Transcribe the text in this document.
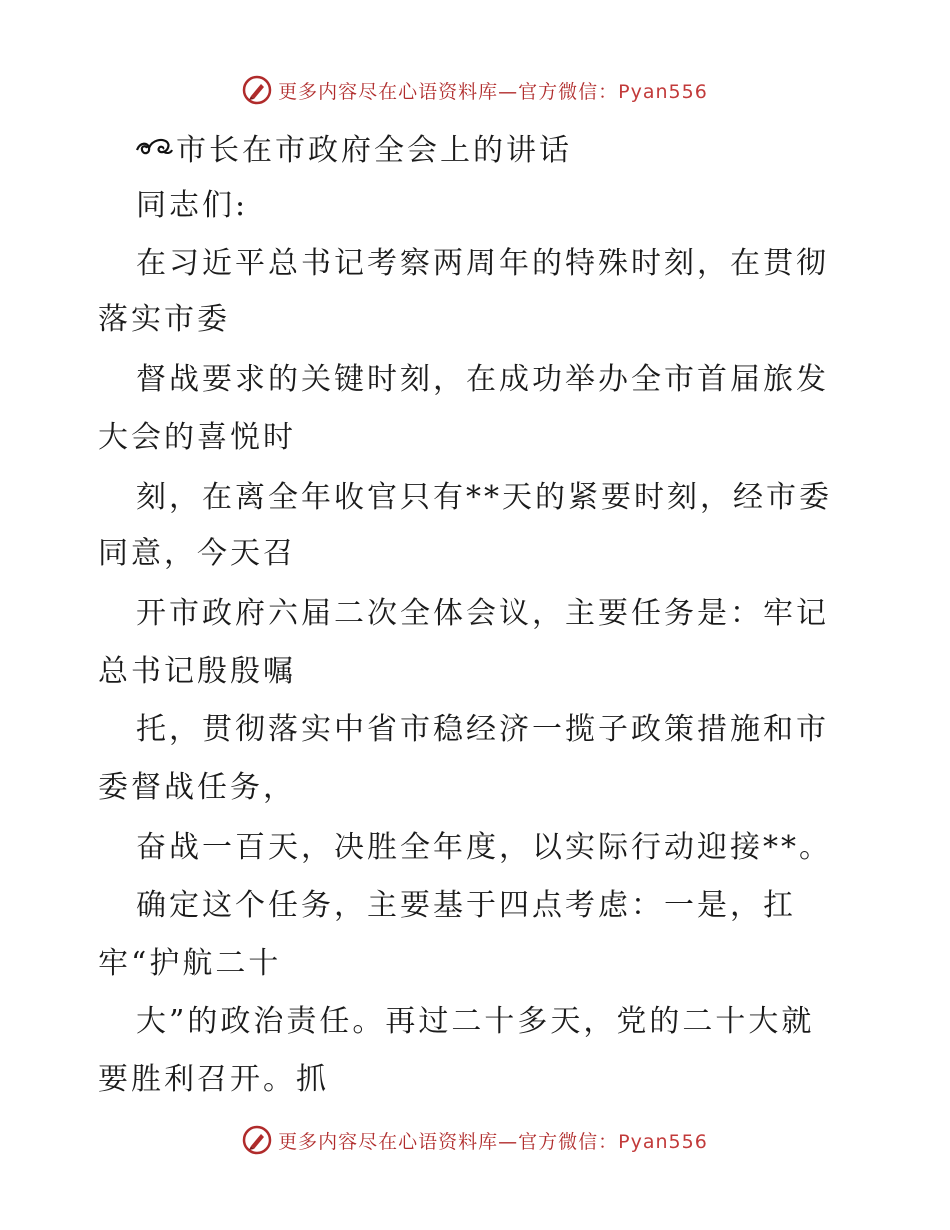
更多内容尽在心语资料库—官方微信：Pyan556
市长在市政府全会上的讲话
同志们:
在习近平总书记考察两周年的特殊时刻，在贯彻
落实市委
督战要求的关键时刻，在成功举办全市首届旅发
大会的喜悦时
刻，在离全年收官只有**天的紧要时刻，经市委
同意，今天召
开市政府六届二次全体会议，主要任务是：牢记
总书记殷殷嘱
托，贯彻落实中省市稳经济一揽子政策措施和市
委督战任务，
奋战一百天，决胜全年度，以实际行动迎接**。
确定这个任务，主要基于四点考虑：一是，扛
牢“护航二十
大”的政治责任。再过二十多天，党的二十大就
要胜利召开。抓
更多内容尽在心语资料库—官方微信：Pyan556
